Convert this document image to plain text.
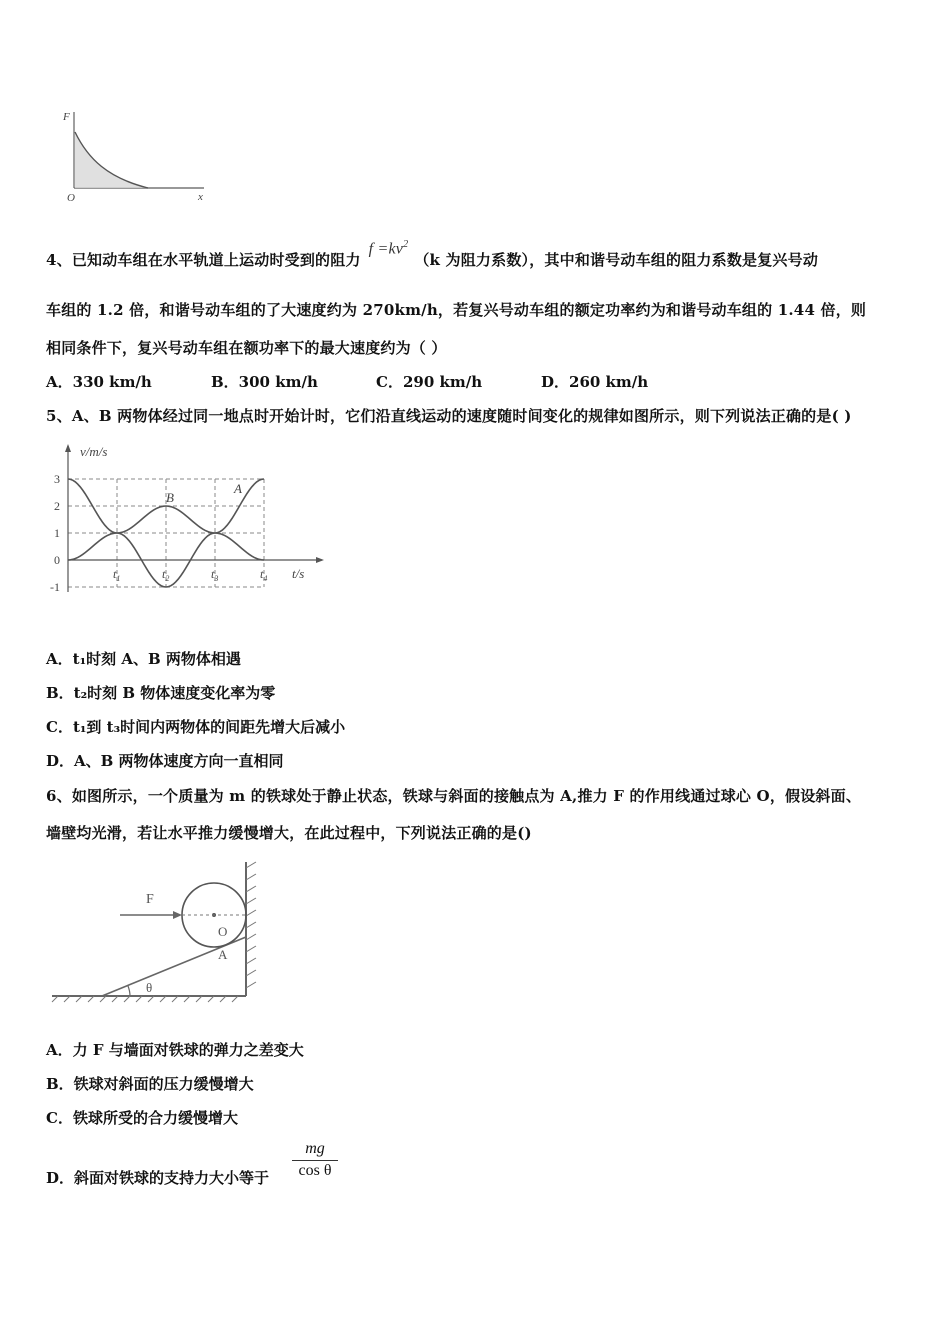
F
O	x
4、已知动车组在水平轨道上运动时受到的阻力$f =kv^2(k$ 为阻力系数），其中和谐号动车组的阻力系数是复兴号动
车组的 1.2 倍，和谐号动车组的了大速度约为 270km/h，若复兴号动车组的额定功率约为和谐号动车组的 1.44 倍，则
相同条件下，复兴号动车组在额功率下的最大速度约为（ ）
A．330 km/h	B．300 km/h	C．290 km/h	D．260 km/h
5、A、B 两物体经过同一地点时开始计时，它们沿直线运动的速度随时间变化的规律如图所示，则下列说法正确的是( )
v/m/s
t/s
3
2
1
0
-1
$t_1$	$t_2$	$t_3$	$t_4$
A
B
A．t₁时刻 A、B 两物体相遇
B．t₂时刻 B 物体速度变化率为零
C．t₁到 t₃时间内两物体的间距先增大后减小
D．A、B 两物体速度方向一直相同
6、如图所示，一个质量为 m 的铁球处于静止状态，铁球与斜面的接触点为 A,推力 F 的作用线通过球心 O，假设斜面、
墙壁均光滑，若让水平推力缓慢增大，在此过程中，下列说法正确的是()
θ
O
A
F
A．力 F 与墙面对铁球的弹力之差变大
B．铁球对斜面的压力缓慢增大
C．铁球所受的合力缓慢增大
D．斜面对铁球的支持力大小等于 $\frac{mg}{\text{cos θ}}$
